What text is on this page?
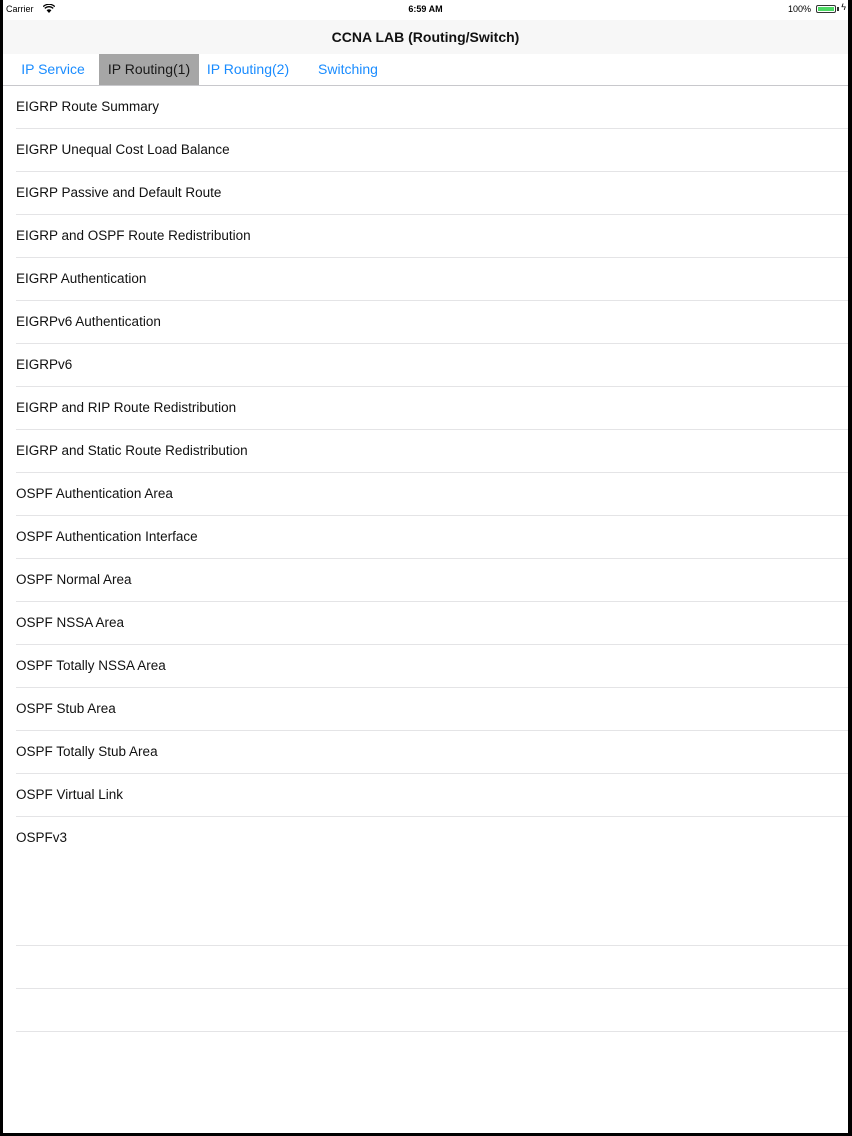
Carrier	6:59 AM	100%	ϟ
CCNA LAB (Routing/Switch)
IP Service	IP Routing(1)	IP Routing(2)	Switching
EIGRP Route Summary
EIGRP Unequal Cost Load Balance
EIGRP Passive and Default Route
EIGRP and OSPF Route Redistribution
EIGRP Authentication
EIGRPv6 Authentication
EIGRPv6
EIGRP and RIP Route Redistribution
EIGRP and Static Route Redistribution
OSPF Authentication Area
OSPF Authentication Interface
OSPF Normal Area
OSPF NSSA Area
OSPF Totally NSSA Area
OSPF Stub Area
OSPF Totally Stub Area
OSPF Virtual Link
OSPFv3
